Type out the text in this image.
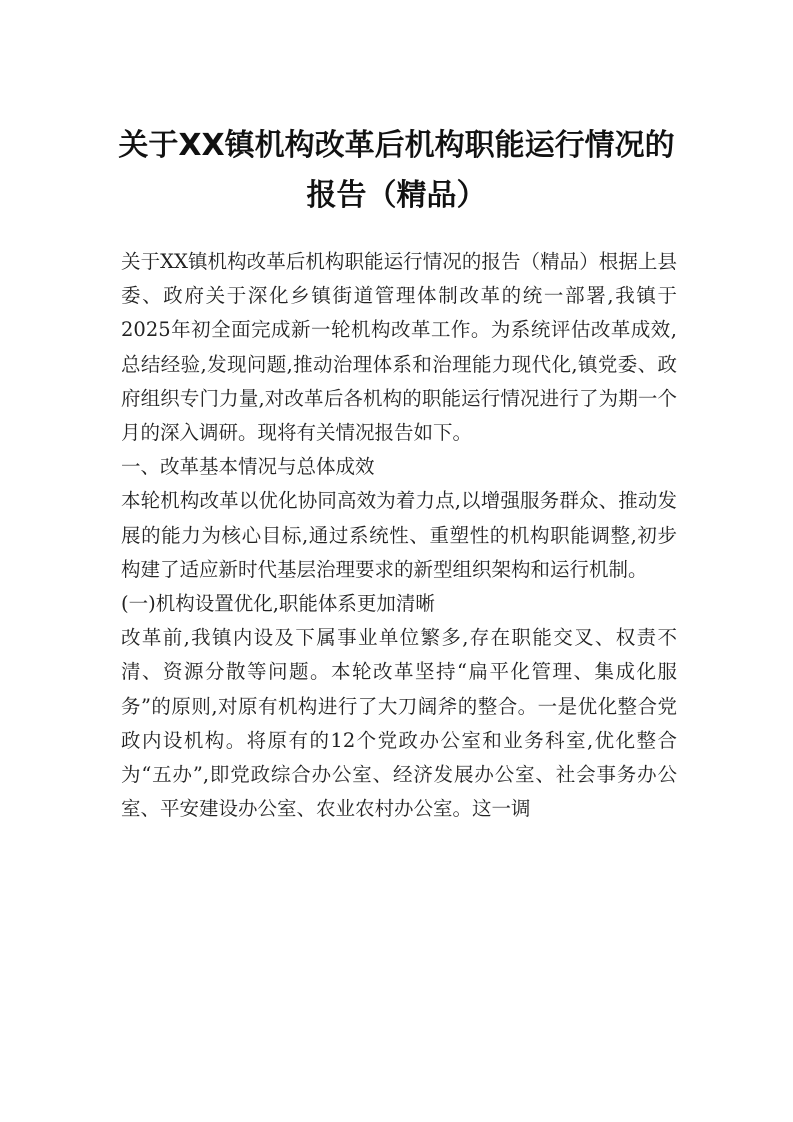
关于XX镇机构改革后机构职能运行情况的
报告（精品）

关于XX镇机构改革后机构职能运行情况的报告（精品）根据上县委、政府关于深化乡镇街道管理体制改革的统一部署,我镇于2025年初全面完成新一轮机构改革工作。为系统评估改革成效,总结经验,发现问题,推动治理体系和治理能力现代化,镇党委、政府组织专门力量,对改革后各机构的职能运行情况进行了为期一个月的深入调研。现将有关情况报告如下。

一、改革基本情况与总体成效

本轮机构改革以优化协同高效为着力点,以增强服务群众、推动发展的能力为核心目标,通过系统性、重塑性的机构职能调整,初步构建了适应新时代基层治理要求的新型组织架构和运行机制。

(一)机构设置优化,职能体系更加清晰

改革前,我镇内设及下属事业单位繁多,存在职能交叉、权责不清、资源分散等问题。本轮改革坚持“扁平化管理、集成化服务”的原则,对原有机构进行了大刀阔斧的整合。一是优化整合党政内设机构。将原有的12个党政办公室和业务科室,优化整合为“五办”,即党政综合办公室、经济发展办公室、社会事务办公室、平安建设办公室、农业农村办公室。这一调
